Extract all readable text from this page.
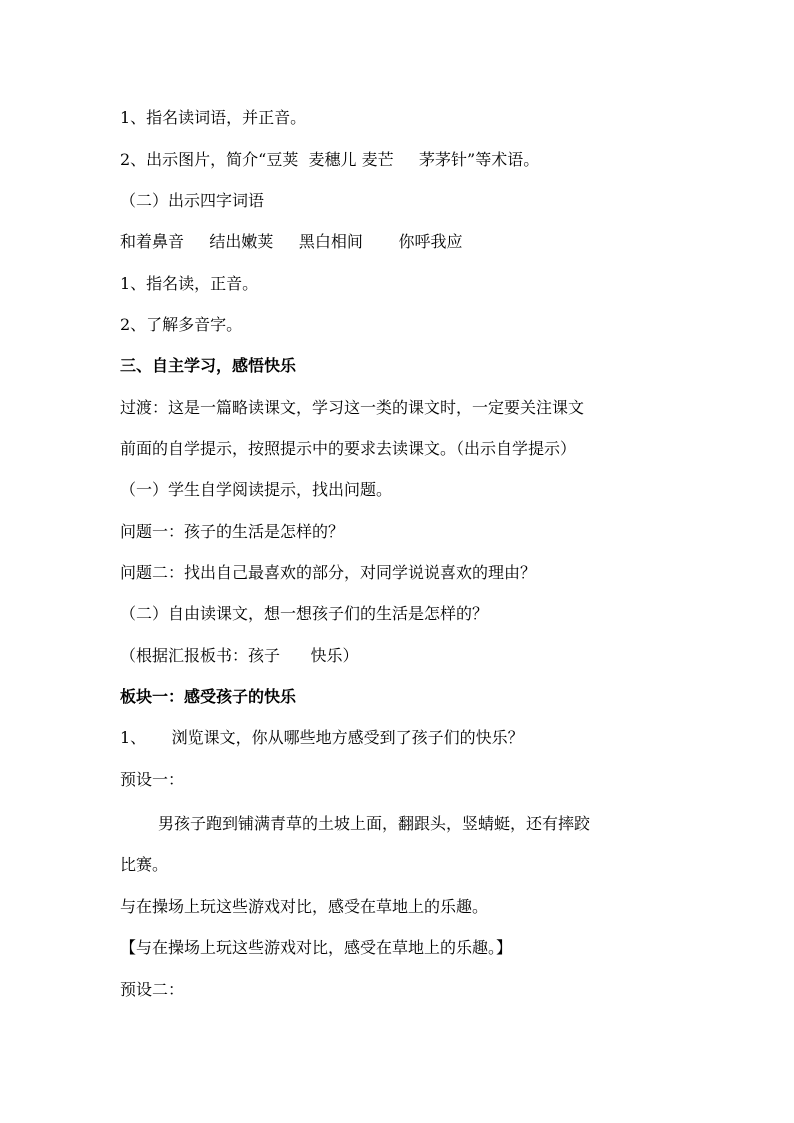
1、指名读词语，并正音。
2、出示图片，简介“豆荚  麦穗儿 麦芒     茅茅针”等术语。
（二）出示四字词语
和着鼻音     结出嫩荚     黑白相间       你呼我应
1、指名读，正音。
2、了解多音字。
三、自主学习，感悟快乐
过渡：这是一篇略读课文，学习这一类的课文时，一定要关注课文
前面的自学提示，按照提示中的要求去读课文。（出示自学提示）
（一）学生自学阅读提示，找出问题。
问题一：孩子的生活是怎样的？
问题二：找出自己最喜欢的部分，对同学说说喜欢的理由？
（二）自由读课文，想一想孩子们的生活是怎样的？
（根据汇报板书：孩子      快乐）
板块一：感受孩子的快乐
1、     浏览课文，你从哪些地方感受到了孩子们的快乐？
预设一：
男孩子跑到铺满青草的土坡上面，翻跟头，竖蜻蜓，还有摔跤
比赛。
与在操场上玩这些游戏对比，感受在草地上的乐趣。
【与在操场上玩这些游戏对比，感受在草地上的乐趣。】
预设二：
